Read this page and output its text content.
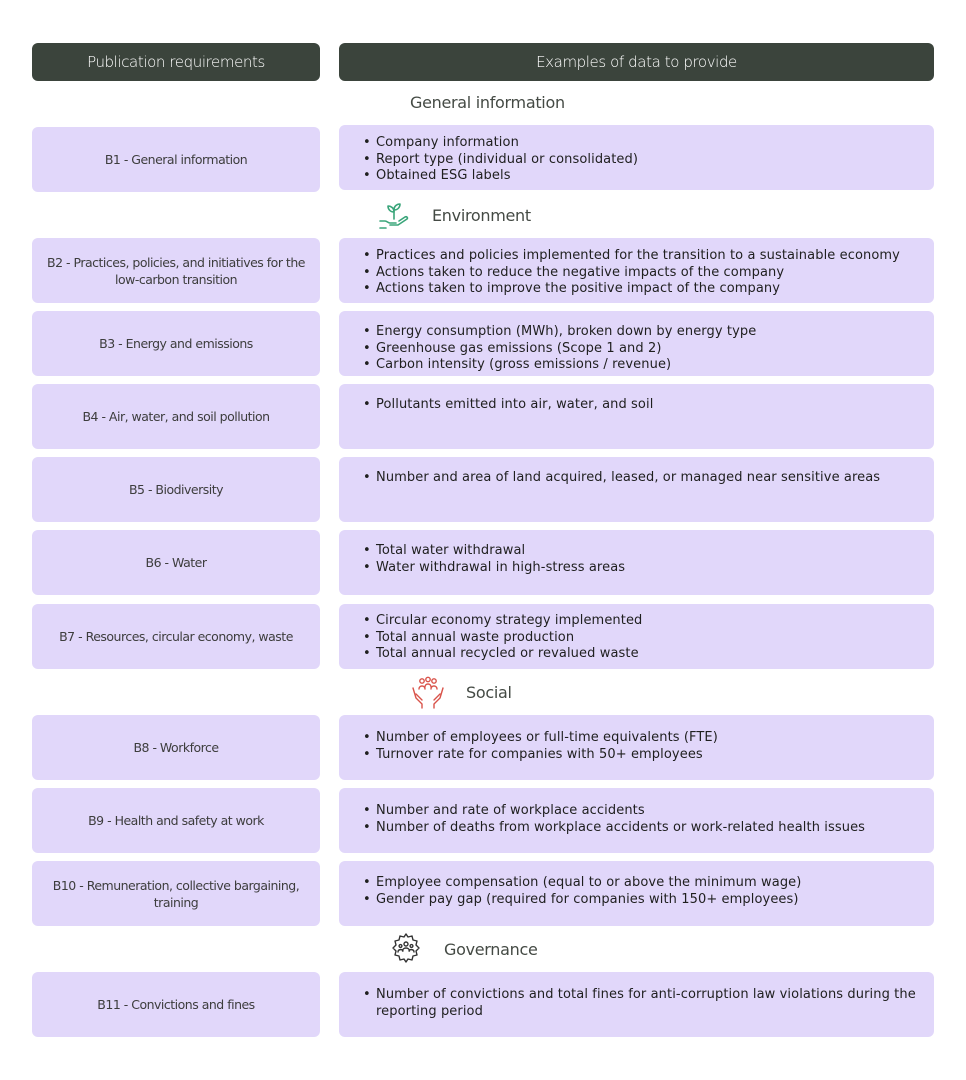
Publication requirements	Examples of data to provide
General information
B1 - General information
• Company information
• Report type (individual or consolidated)
• Obtained ESG labels
Environment
B2 - Practices, policies, and initiatives for the low-carbon transition
• Practices and policies implemented for the transition to a sustainable economy
• Actions taken to reduce the negative impacts of the company
• Actions taken to improve the positive impact of the company
B3 - Energy and emissions
• Energy consumption (MWh), broken down by energy type
• Greenhouse gas emissions (Scope 1 and 2)
• Carbon intensity (gross emissions / revenue)
B4 - Air, water, and soil pollution
• Pollutants emitted into air, water, and soil
B5 - Biodiversity
• Number and area of land acquired, leased, or managed near sensitive areas
B6 - Water
• Total water withdrawal
• Water withdrawal in high-stress areas
B7 - Resources, circular economy, waste
• Circular economy strategy implemented
• Total annual waste production
• Total annual recycled or revalued waste
Social
B8 - Workforce
• Number of employees or full-time equivalents (FTE)
• Turnover rate for companies with 50+ employees
B9 - Health and safety at work
• Number and rate of workplace accidents
• Number of deaths from workplace accidents or work-related health issues
B10 - Remuneration, collective bargaining, training
• Employee compensation (equal to or above the minimum wage)
• Gender pay gap (required for companies with 150+ employees)
Governance
B11 - Convictions and fines
• Number of convictions and total fines for anti-corruption law violations during the reporting period
